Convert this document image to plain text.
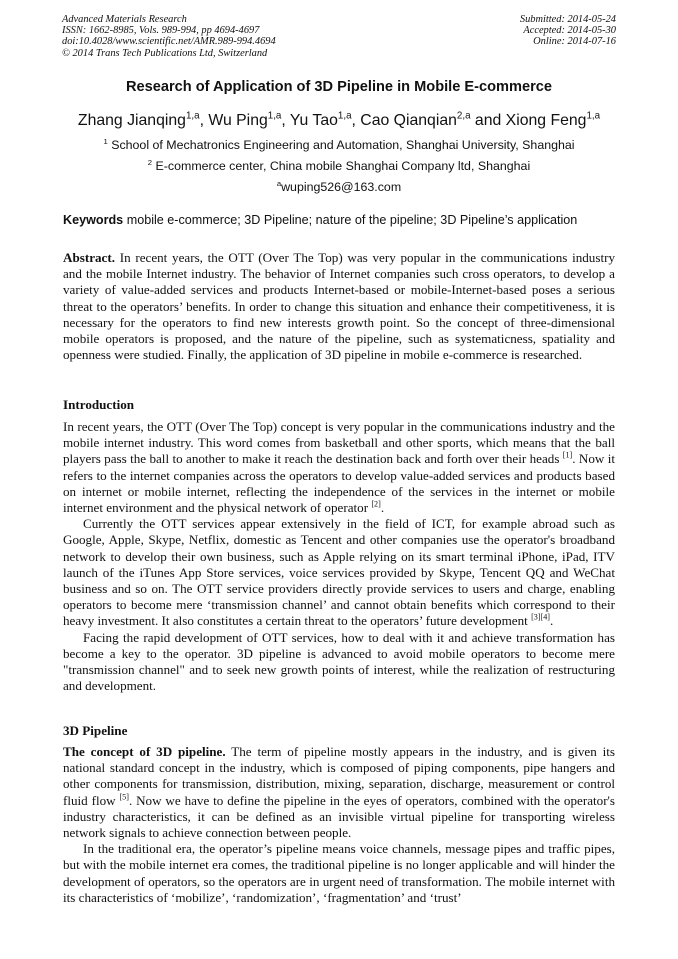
Advanced Materials Research
ISSN: 1662-8985, Vols. 989-994, pp 4694-4697
doi:10.4028/www.scientific.net/AMR.989-994.4694
© 2014 Trans Tech Publications Ltd, Switzerland
Submitted: 2014-05-24
Accepted: 2014-05-30
Online: 2014-07-16
Research of Application of 3D Pipeline in Mobile E-commerce
Zhang Jianqing$^{1,a}$, Wu Ping$^{1,a}$, Yu Tao$^{1,a}$, Cao Qianqian$^{2,a}$ and Xiong Feng$^{1,a}$
$^1$ School of Mechatronics Engineering and Automation, Shanghai University, Shanghai
$^2$ E-commerce center, China mobile Shanghai Company ltd, Shanghai
$^a$wuping526@163.com
Keywords mobile e-commerce; 3D Pipeline; nature of the pipeline; 3D Pipeline’s application

Abstract. In recent years, the OTT (Over The Top) was very popular in the communications industry and the mobile Internet industry. The behavior of Internet companies such cross operators, to develop a variety of value-added services and products Internet-based or mobile-Internet-based poses a serious threat to the operators’ benefits. In order to change this situation and enhance their competitiveness, it is necessary for the operators to find new interests growth point. So the concept of three-dimensional mobile operators is proposed, and the nature of the pipeline, such as systematicness, spatiality and openness were studied. Finally, the application of 3D pipeline in mobile e-commerce is researched.

Introduction

In recent years, the OTT (Over The Top) concept is very popular in the communications industry and the mobile internet industry. This word comes from basketball and other sports, which means that the ball players pass the ball to another to make it reach the destination back and forth over their heads [1]. Now it refers to the internet companies across the operators to develop value-added services and products based on internet or mobile internet, reflecting the independence of the services in the internet or mobile internet environment and the physical network of operator [2].

Currently the OTT services appear extensively in the field of ICT, for example abroad such as Google, Apple, Skype, Netflix, domestic as Tencent and other companies use the operator's broadband network to develop their own business, such as Apple relying on its smart terminal iPhone, iPad, ITV launch of the iTunes App Store services, voice services provided by Skype, Tencent QQ and WeChat business and so on. The OTT service providers directly provide services to users and charge, enabling operators to become mere ‘transmission channel’ and cannot obtain benefits which correspond to their heavy investment. It also constitutes a certain threat to the operators’ future development [3][4].

Facing the rapid development of OTT services, how to deal with it and achieve transformation has become a key to the operator. 3D pipeline is advanced to avoid mobile operators to become mere "transmission channel" and to seek new growth points of interest, while the realization of restructuring and development.

3D Pipeline

The concept of 3D pipeline. The term of pipeline mostly appears in the industry, and is given its national standard concept in the industry, which is composed of piping components, pipe hangers and other components for transmission, distribution, mixing, separation, discharge, measurement or control fluid flow [5]. Now we have to define the pipeline in the eyes of operators, combined with the operator's industry characteristics, it can be defined as an invisible virtual pipeline for transporting wireless network signals to achieve connection between people.

In the traditional era, the operator’s pipeline means voice channels, message pipes and traffic pipes, but with the mobile internet era comes, the traditional pipeline is no longer applicable and will hinder the development of operators, so the operators are in urgent need of transformation. The mobile internet with its characteristics of ‘mobilize’, ‘randomization’, ‘fragmentation’ and ‘trust’
